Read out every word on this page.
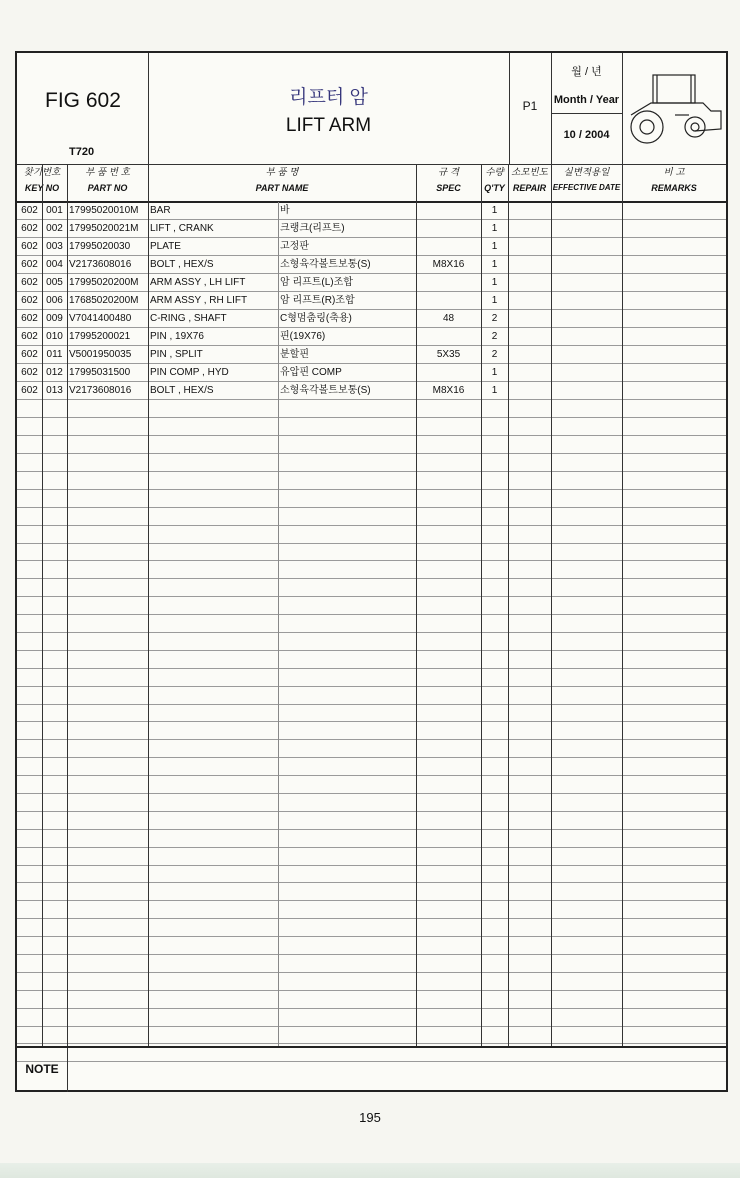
FIG 602
T720
리프터 암
LIFT ARM
P1
월 / 년
Month / Year
10 / 2004
찾기번호
KEY NO
부 품 번 호
PART NO
부 품 명
PART NAME
규 격
SPEC
수량
Q'TY
소모빈도
REPAIR
실변적용일
EFFECTIVE DATE
비 고
REMARKS
602	001	17995020010M	BAR	바		1			
602	002	17995020021M	LIFT , CRANK	크랭크(리프트)		1			
602	003	17995020030	PLATE	고정판		1			
602	004	V2173608016	BOLT , HEX/S	소형육각볼트보통(S)	M8X16	1			
602	005	17995020200M	ARM ASSY , LH LIFT	암 리프트(L)조합		1			
602	006	17685020200M	ARM ASSY , RH LIFT	암 리프트(R)조합		1			
602	009	V7041400480	C-RING , SHAFT	C형멈춤링(축용)	48	2			
602	010	17995200021	PIN , 19X76	핀(19X76)		2			
602	011	V5001950035	PIN , SPLIT	분할핀	5X35	2			
602	012	17995031500	PIN COMP , HYD	유압핀 COMP		1			
602	013	V2173608016	BOLT , HEX/S	소형육각볼트보통(S)	M8X16	1			

NOTE
195
